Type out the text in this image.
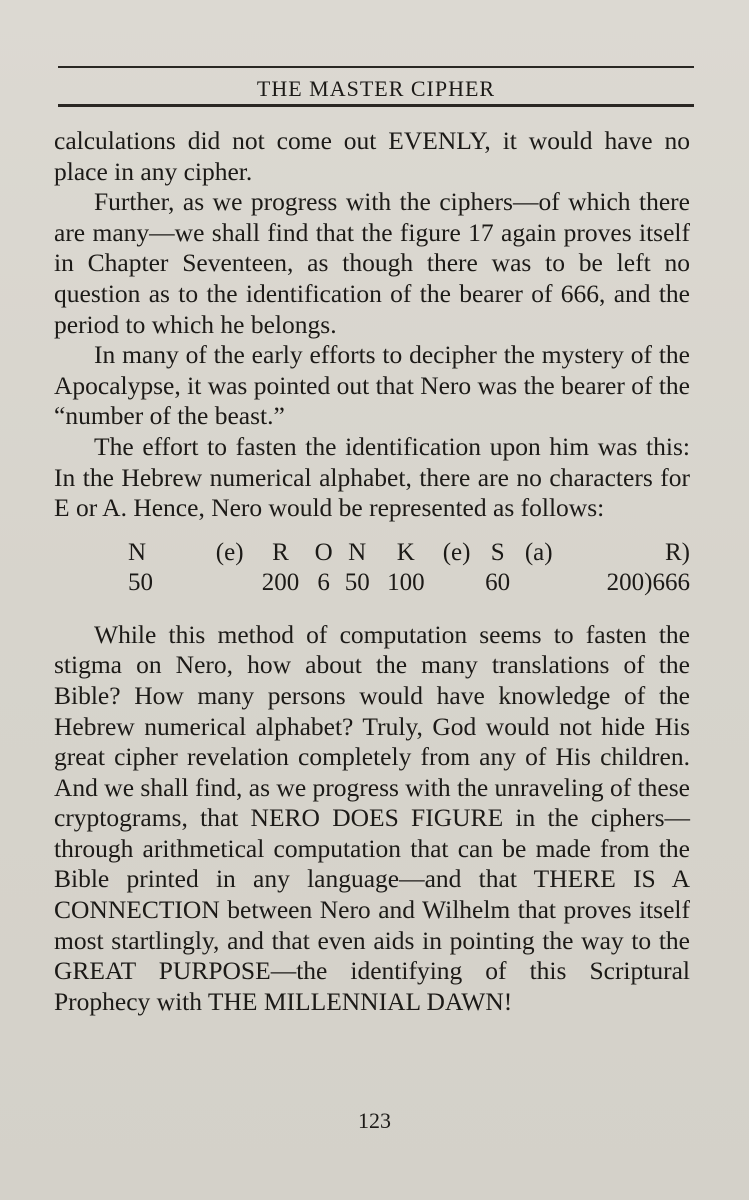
THE MASTER CIPHER

calculations did not come out EVENLY, it would have no place in any cipher.

Further, as we progress with the ciphers—of which there are many—we shall find that the figure 17 again proves itself in Chapter Seventeen, as though there was to be left no question as to the identification of the bearer of 666, and the period to which he belongs.

In many of the early efforts to decipher the mystery of the Apocalypse, it was pointed out that Nero was the bearer of the “number of the beast.”

The effort to fasten the identification upon him was this: In the Hebrew numerical alphabet, there are no characters for E or A. Hence, Nero would be represented as follows:

N	(e)	R	O	N	K	(e)	S	(a)	R)
50		200	6	50	100		60		200)666

While this method of computation seems to fasten the stigma on Nero, how about the many translations of the Bible? How many persons would have knowledge of the Hebrew numerical alphabet? Truly, God would not hide His great cipher revelation completely from any of His children. And we shall find, as we progress with the unraveling of these cryptograms, that NERO DOES FIGURE in the ciphers—through arithmetical computation that can be made from the Bible printed in any language—and that THERE IS A CONNECTION between Nero and Wilhelm that proves itself most startlingly, and that even aids in pointing the way to the GREAT PURPOSE—the identifying of this Scriptural Prophecy with THE MILLENNIAL DAWN!

123
